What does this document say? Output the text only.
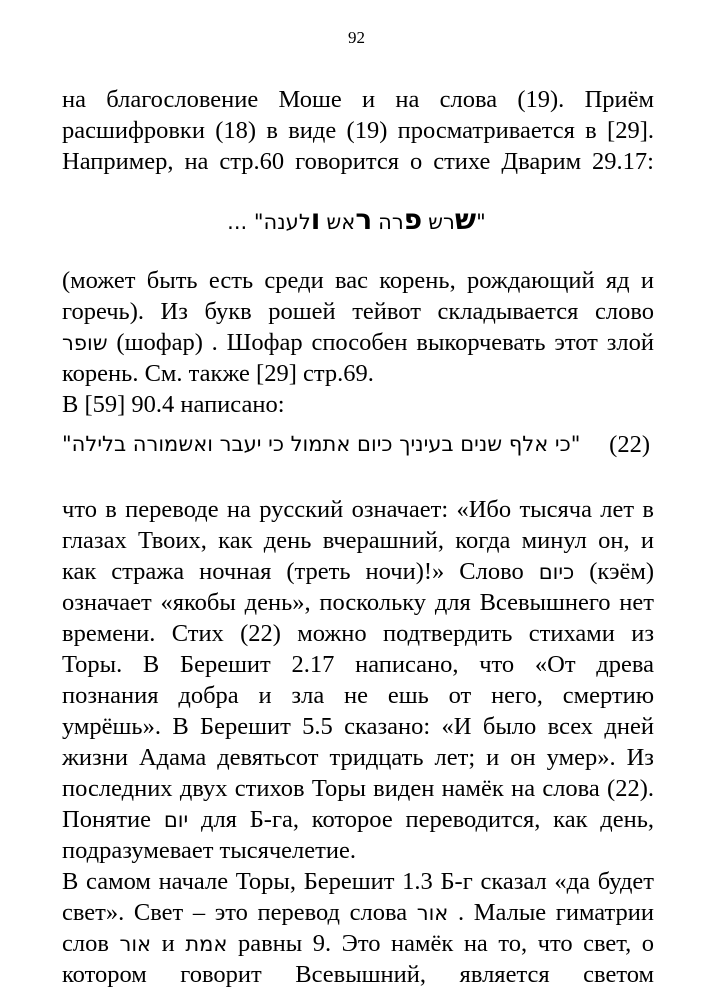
92
на благословение Моше и на слова (19). Приём
расшифровки (18) в виде (19) просматривается в [29].
Например, на стр.60 говорится о стихе Дварим 29.17:
"שרש פרה ראש ולענה... "
(может быть есть среди вас корень, рождающий яд и
горечь). Из букв рошей тейвот складывается слово
שופר (шофар) . Шофар способен выкорчевать этот злой
корень. См. также [29] стр.69.
В [59] 90.4 написано:
"כי אלף שנים בעיניך כיום אתמול כי יעבר ואשמורה בלילה" (22)
что в переводе на русский означает: «Ибо тысяча лет в
глазах Твоих, как день вчерашний, когда минул он, и
как стража ночная (треть ночи)!» Слово כיום (кэём)
означает «якобы день», поскольку для Всевышнего нет
времени. Стих (22) можно подтвердить стихами из
Торы. В Берешит 2.17 написано, что «От древа
познания добра и зла не ешь от него, смертию
умрёшь». В Берешит 5.5 сказано: «И было всех дней
жизни Адама девятьсот тридцать лет; и он умер». Из
последних двух стихов Торы виден намёк на слова (22).
Понятие יום для Б-га, которое переводится, как день,
подразумевает тысячелетие.
В самом начале Торы, Берешит 1.3 Б-г сказал «да будет
свет». Свет – это перевод слова אור . Малые гиматрии
слов אור и אמת равны 9. Это намёк на то, что свет, о
котором говорит Всевышний, является светом
